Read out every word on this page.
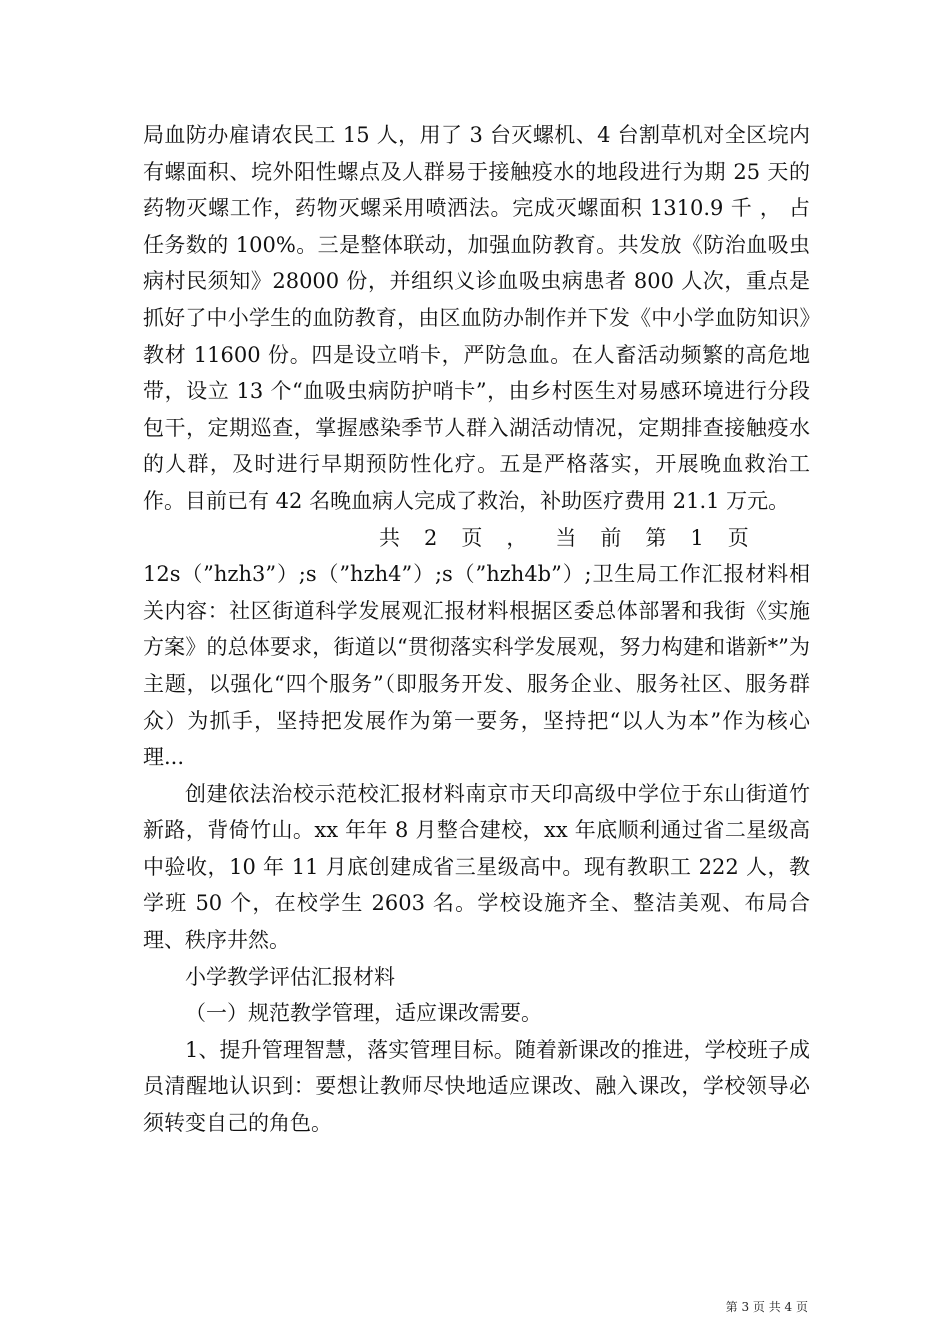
局血防办雇请农民工 15 人，用了 3 台灭螺机、4 台割草机对全区垸内有螺面积、垸外阳性螺点及人群易于接触疫水的地段进行为期 25 天的药物灭螺工作，药物灭螺采用喷洒法。完成灭螺面积 1310.9 千 ， 占任务数的 100%。三是整体联动，加强血防教育。共发放《防治血吸虫病村民须知》28000 份，并组织义诊血吸虫病患者 800 人次，重点是抓好了中小学生的血防教育，由区血防办制作并下发《中小学血防知识》教材 11600 份。四是设立哨卡，严防急血。在人畜活动频繁的高危地带，设立 13 个“血吸虫病防护哨卡”，由乡村医生对易感环境进行分段包干，定期巡查，掌握感染季节人群入湖活动情况，定期排查接触疫水的人群，及时进行早期预防性化疗。五是严格落实，开展晚血救治工作。目前已有 42 名晚血病人完成了救治，补助医疗费用 21.1 万元。

共 2 页 ， 当前第1 页

12s（”hzh3”）;s（”hzh4”）;s（”hzh4b”）;卫生局工作汇报材料相关内容：社区街道科学发展观汇报材料根据区委总体部署和我街《实施方案》的总体要求，街道以“贯彻落实科学发展观，努力构建和谐新*”为主题，以强化“四个服务”（即服务开发、服务企业、服务社区、服务群众）为抓手，坚持把发展作为第一要务，坚持把“以人为本”作为核心理...

创建依法治校示范校汇报材料南京市天印高级中学位于东山街道竹新路，背倚竹山。xx 年年 8 月整合建校，xx 年底顺利通过省二星级高中验收，10 年 11 月底创建成省三星级高中。现有教职工 222 人，教学班 50 个，在校学生 2603 名。学校设施齐全、整洁美观、布局合理、秩序井然。

小学教学评估汇报材料

（一）规范教学管理，适应课改需要。

1、提升管理智慧，落实管理目标。随着新课改的推进，学校班子成员清醒地认识到：要想让教师尽快地适应课改、融入课改，学校领导必须转变自己的角色。

第 3 页 共 4 页
